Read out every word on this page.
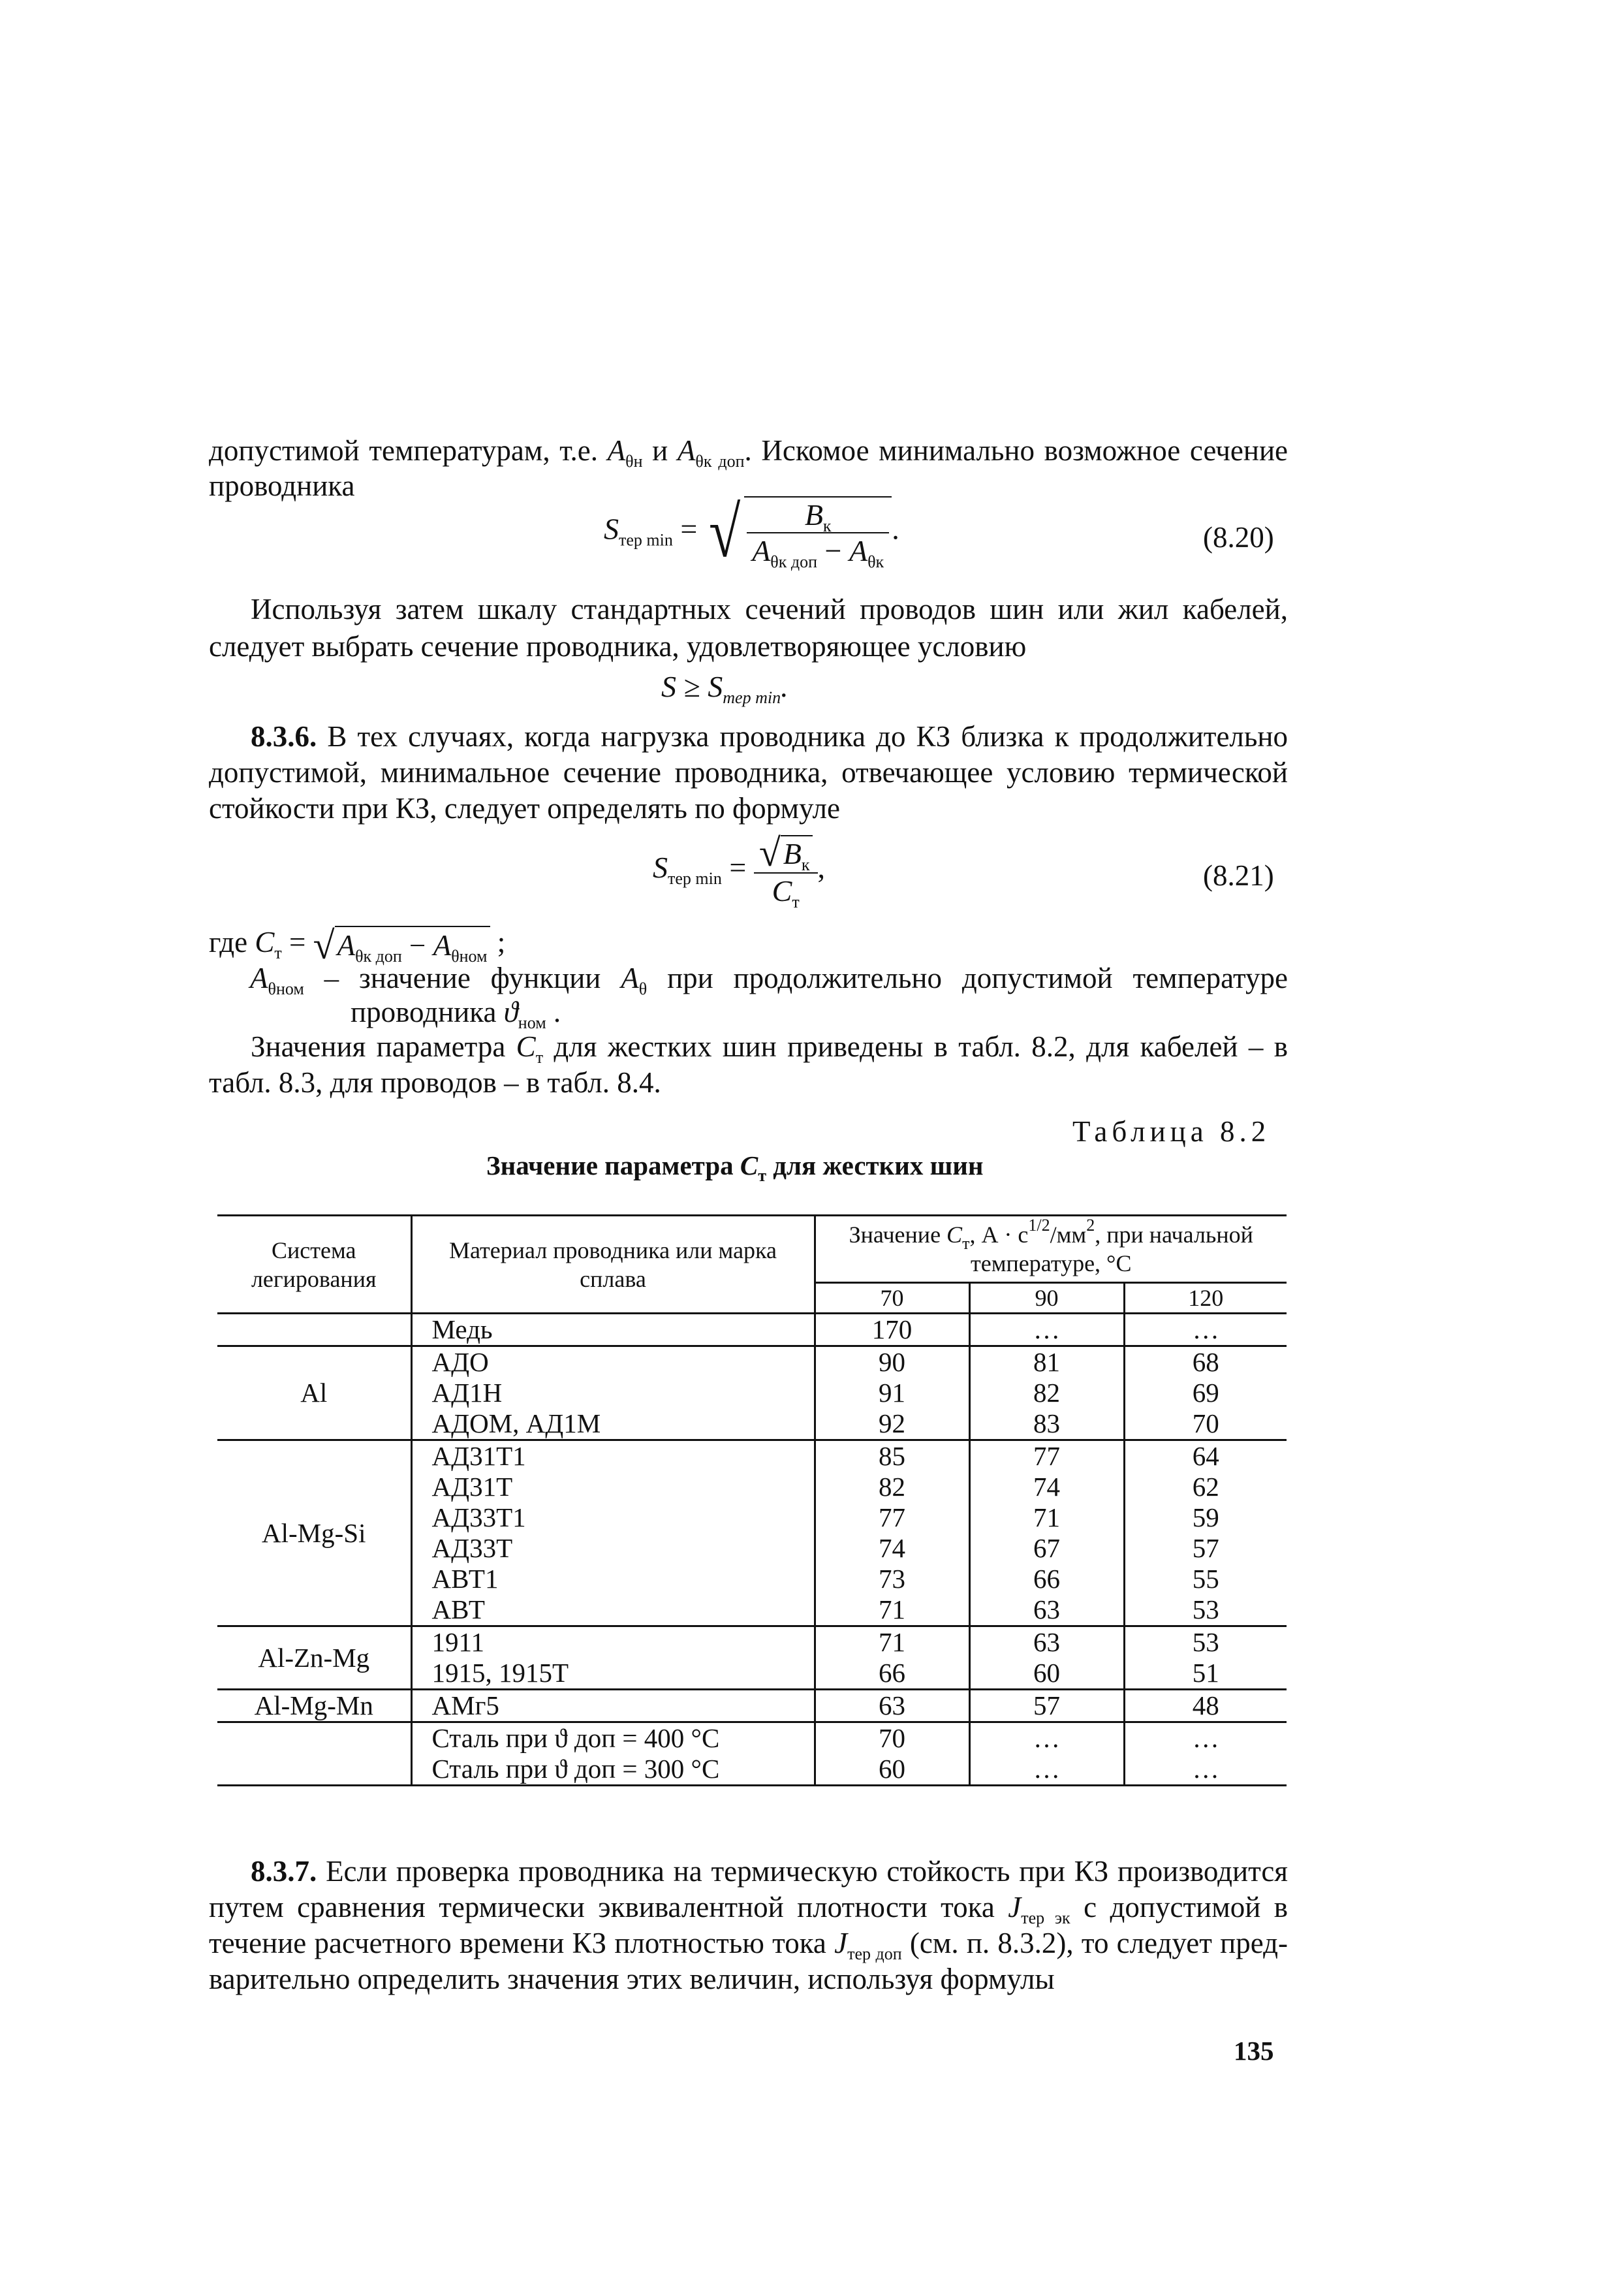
допустимой температурам, т.е. $A_{\theta н}$ и $A_{\theta к доп}$. Искомое минимально возможное сечение
проводника
$S_{тер min}$ = √ $\frac{B_к}{A_{\theta к доп} - A_{\theta к}}$ .	(8.20)
Используя затем шкалу стандартных сечений проводов шин или жил кабелей,
следует выбрать сечение проводника, удовлетворяющее условию
$S \ge S_{тер min}$.
8.3.6. В тех случаях, когда нагрузка проводника до КЗ близка к продолжительно
допустимой, минимальное сечение проводника, отвечающее условию термической
стойкости при КЗ, следует определять по формуле
$S_{тер min} = \frac{√B_к}{C_т}$ ,	(8.21)
где $C_т = √A_{\theta к доп} - A_{\theta ном}$ ;
$A_{\theta ном}$ – значение функции $A_\theta$ при продолжительно допустимой температуре
проводника $ϑ_{ном}$ .
Значения параметра $C_т$ для жестких шин приведены в табл. 8.2, для кабелей – в
табл. 8.3, для проводов – в табл. 8.4.
Таблица 8.2
Значение параметра $C_т$ для жестких шин
Система легирования	Материал проводника или марка сплава	Значение $C_т$, $А \cdot с^{1/2}/мм^2$, при начальной температуре, °С		
		70	90	120
	Медь	170	…	…
Al	АДО	90	81	68
	АД1Н	91	82	69
	АДОМ, АД1М	92	83	70
Al-Mg-Si	АД31Т1	85	77	64
	АД31Т	82	74	62
	АД33Т1	77	71	59
	АД33Т	74	67	57
	АВТ1	73	66	55
	АВТ	71	63	53
Al-Zn-Mg	1911	71	63	53
	1915, 1915Т	66	60	51
Al-Mg-Mn	АМг5	63	57	48
	Сталь при ϑ доп = 400 °С	70	…	…
	Сталь при ϑ доп = 300 °С	60	…	…
8.3.7. Если проверка проводника на термическую стойкость при КЗ производится
путем сравнения термически эквивалентной плотности тока $J_{тер эк}$ с допустимой в
течение расчетного времени КЗ плотностью тока $J_{тер доп}$ (см. п. 8.3.2), то следует пред-
варительно определить значения этих величин, используя формулы
135
